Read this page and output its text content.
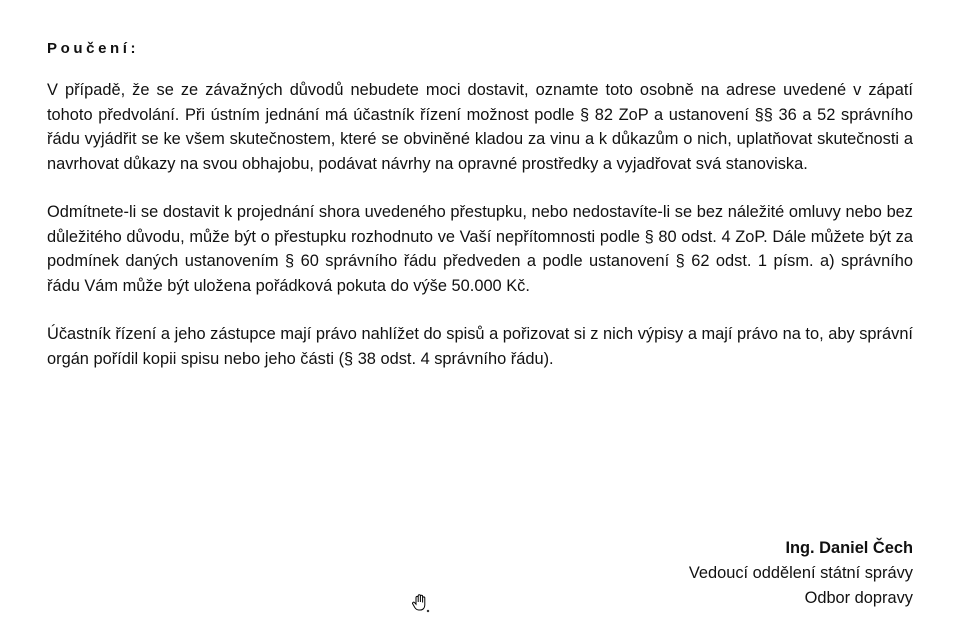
Poučení:

V případě, že se ze závažných důvodů nebudete moci dostavit, oznamte toto osobně na adrese uvedené v zápatí tohoto předvolání. Při ústním jednání má účastník řízení možnost podle § 82 ZoP a ustanovení §§ 36 a 52 správního řádu vyjádřit se ke všem skutečnostem, které se obviněné kladou za vinu a k důkazům o nich, uplatňovat skutečnosti a navrhovat důkazy na svou obhajobu, podávat návrhy na opravné prostředky a vyjadřovat svá stanoviska.

Odmítnete-li se dostavit k projednání shora uvedeného přestupku, nebo nedostavíte-li se bez náležité omluvy nebo bez důležitého důvodu, může být o přestupku rozhodnuto ve Vaší nepřítomnosti podle § 80 odst. 4 ZoP. Dále můžete být za podmínek daných ustanovením § 60 správního řádu předveden a podle ustanovení § 62 odst. 1 písm. a) správního řádu Vám může být uložena pořádková pokuta do výše 50.000 Kč.

Účastník řízení a jeho zástupce mají právo nahlížet do spisů a pořizovat si z nich výpisy a mají právo na to, aby správní orgán pořídil kopii spisu nebo jeho části (§ 38 odst. 4 správního řádu).

Ing. Daniel Čech
Vedoucí oddělení státní správy
Odbor dopravy
